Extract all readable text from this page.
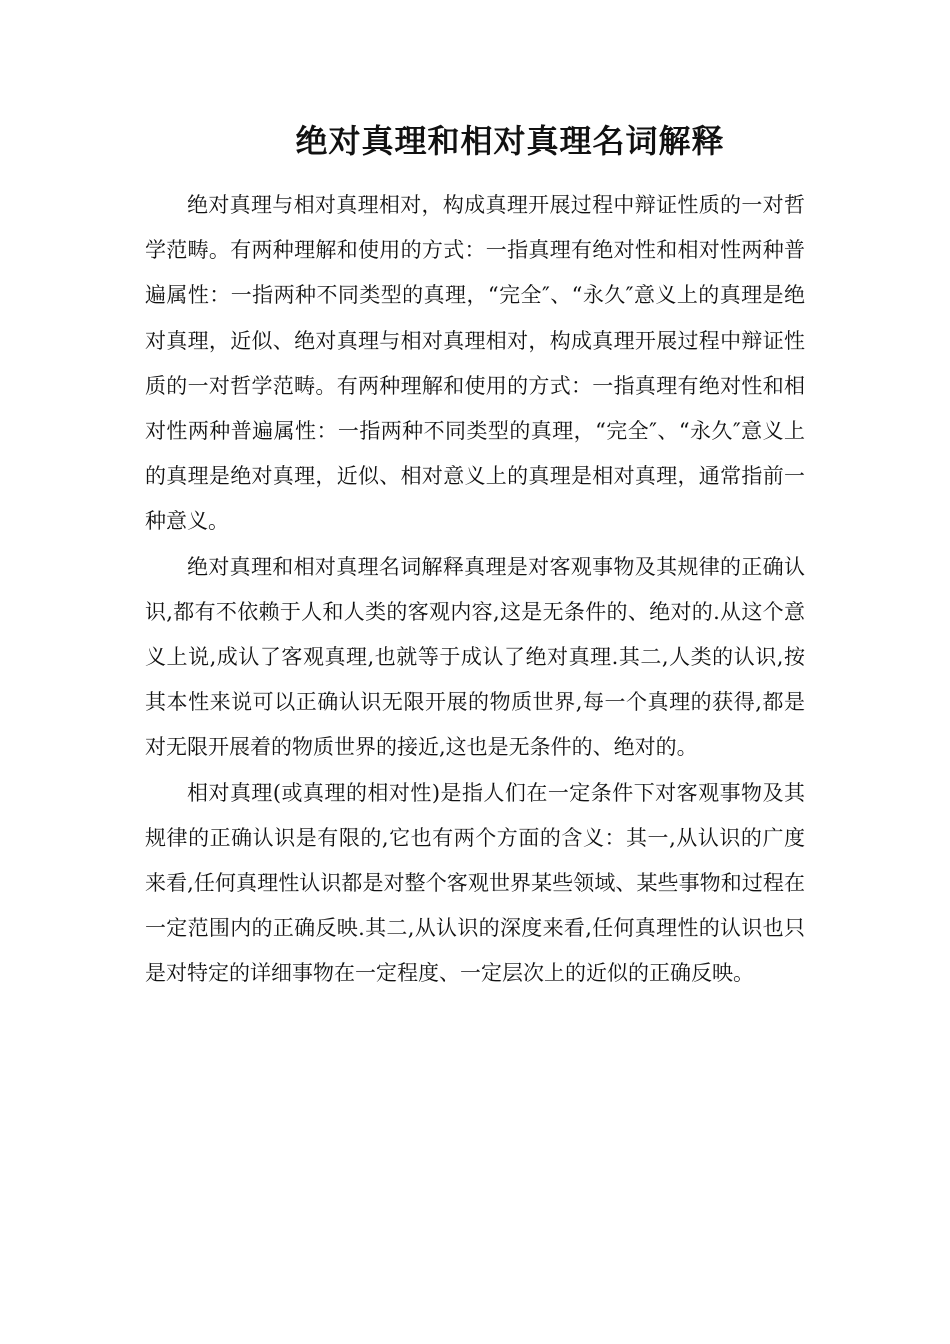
绝对真理和相对真理名词解释

绝对真理与相对真理相对，构成真理开展过程中辩证性质的一对哲学范畴。有两种理解和使用的方式：一指真理有绝对性和相对性两种普遍属性：一指两种不同类型的真理，“完全″、“永久″意义上的真理是绝对真理，近似、绝对真理与相对真理相对，构成真理开展过程中辩证性质的一对哲学范畴。有两种理解和使用的方式：一指真理有绝对性和相对性两种普遍属性：一指两种不同类型的真理，“完全″、“永久″意义上的真理是绝对真理，近似、相对意义上的真理是相对真理，通常指前一种意义。

绝对真理和相对真理名词解释真理是对客观事物及其规律的正确认识,都有不依赖于人和人类的客观内容,这是无条件的、绝对的.从这个意义上说,成认了客观真理,也就等于成认了绝对真理.其二,人类的认识,按其本性来说可以正确认识无限开展的物质世界,每一个真理的获得,都是对无限开展着的物质世界的接近,这也是无条件的、绝对的。

相对真理(或真理的相对性)是指人们在一定条件下对客观事物及其规律的正确认识是有限的,它也有两个方面的含义：其一,从认识的广度来看,任何真理性认识都是对整个客观世界某些领域、某些事物和过程在一定范围内的正确反映.其二,从认识的深度来看,任何真理性的认识也只是对特定的详细事物在一定程度、一定层次上的近似的正确反映。
